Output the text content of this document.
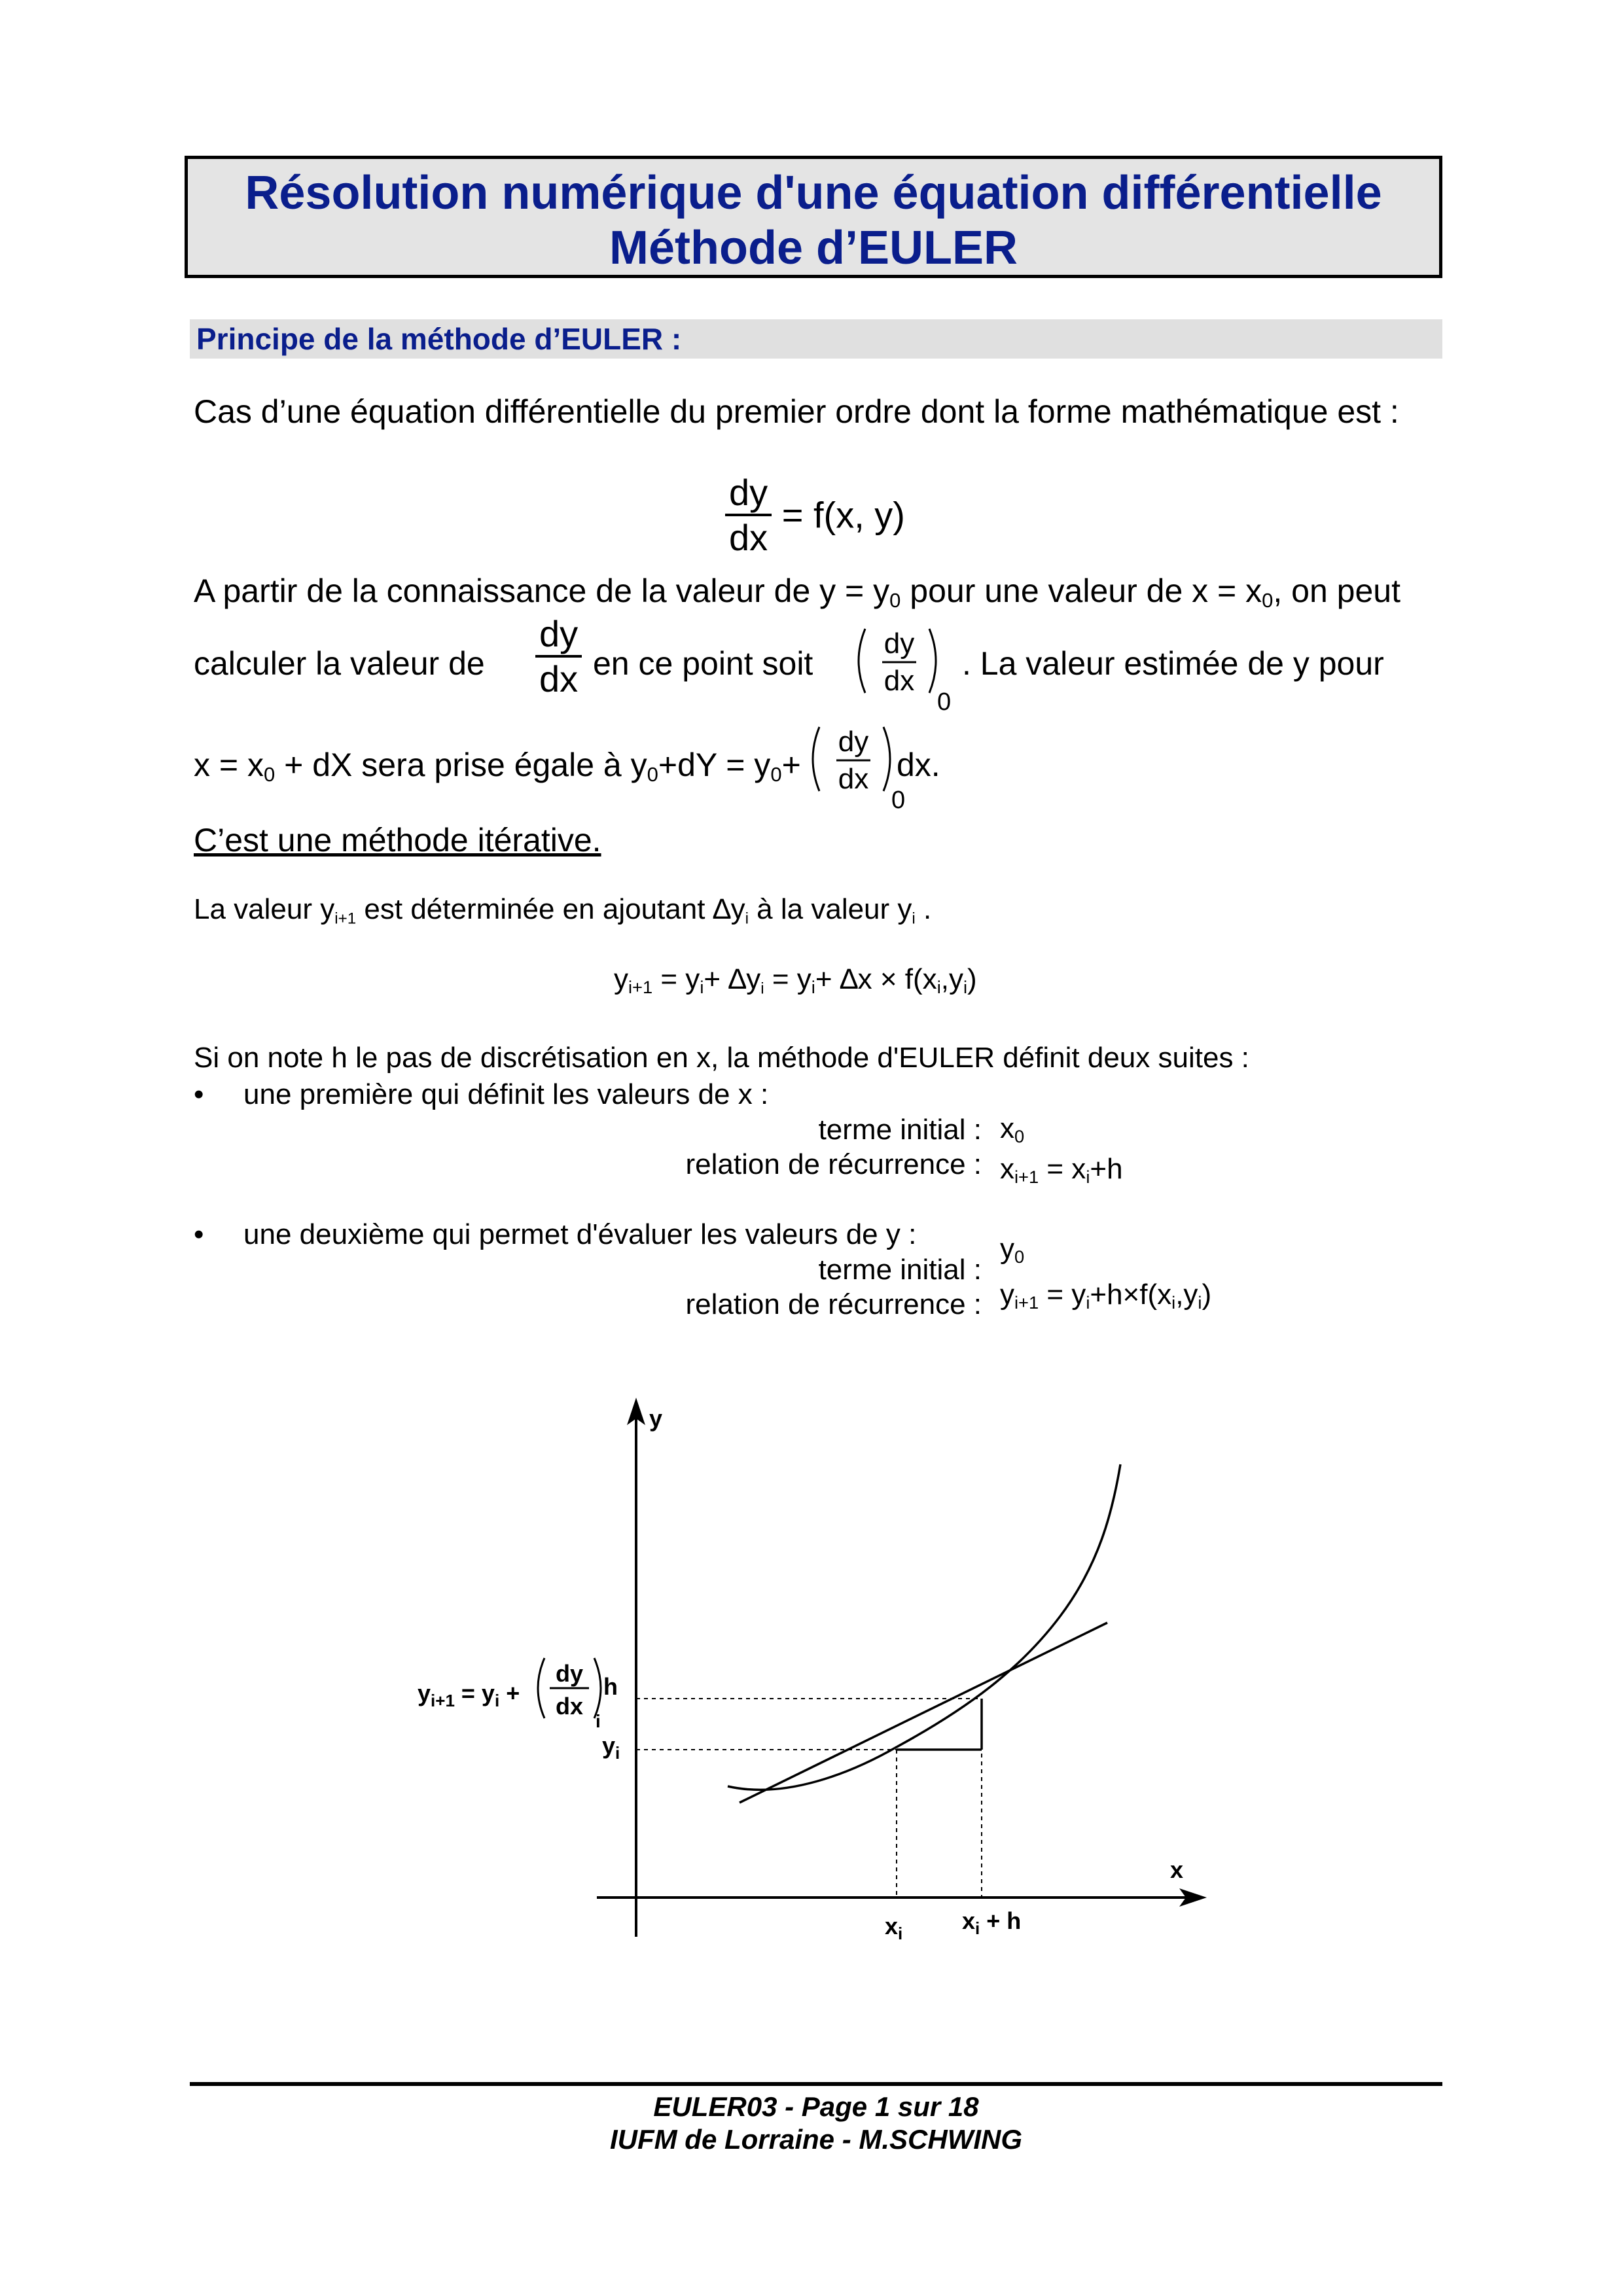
Résolution numérique d'une équation différentielle
Méthode d’EULER
Principe de la méthode d’EULER :
Cas d’une équation différentielle du premier ordre dont la forme mathématique est :
$\frac{dy}{dx} = f(x$, y)
A partir de la connaissance de la valeur de $y = y_0$ pour une valeur de $x = x_0$, on peut
calculer la valeur de $\frac{dy}{dx}$ en ce point soit
dy
dx
0
. La valeur estimée de y pour
$x = x_0$ + dX sera prise égale à $y_0+dY = y_0+$
dy
dx
0
dx.
C’est une méthode itérative.
La valeur $y_{i+1}$ est déterminée en ajoutant $\Delta y_i$ à la valeur $y_i$ .
$y_{i+1} = y_i+ \Delta y_i = y_i+ \Delta x \times f(x_i,y_i)$
Si on note h le pas de discrétisation en x, la méthode d'EULER définit deux suites :
• une première qui définit les valeurs de x :
terme initial :
relation de récurrence :
$x_0$
$x_{i+1} = x_i+h$
• une deuxième qui permet d'évaluer les valeurs de y :
terme initial :
relation de récurrence :
$y_0$
$y_{i+1} = y_i+h\times f(x_i,y_i)$
y
x
$x_i$	$x_i + h$
$y_i$
$y_{i+1} = y_i$ +
dy
dx
i
h
EULER03 - Page 1 sur 18
IUFM de Lorraine - M.SCHWING
